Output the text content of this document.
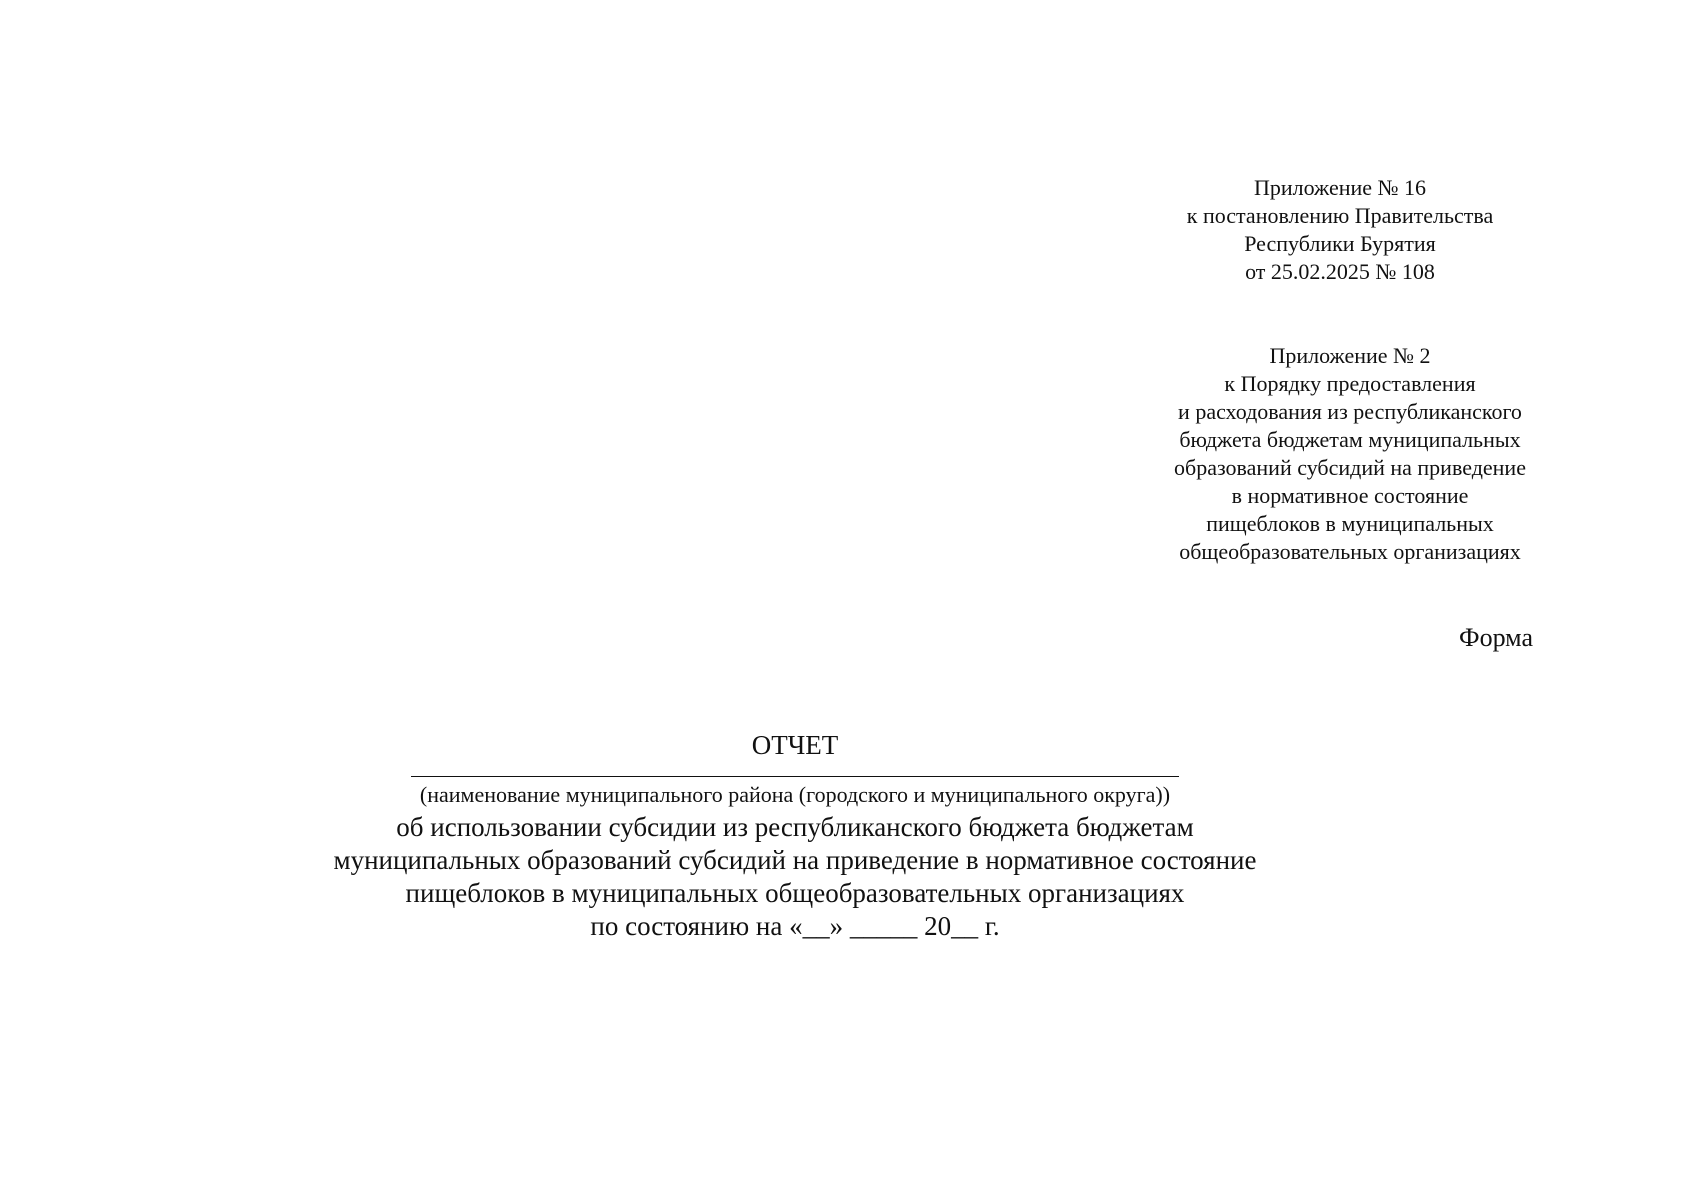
Приложение № 16
к постановлению Правительства
Республики Бурятия
от 25.02.2025 № 108
Приложение № 2
к Порядку предоставления
и расходования из республиканского
бюджета бюджетам муниципальных
образований субсидий на приведение
в нормативное состояние
пищеблоков в муниципальных
общеобразовательных организациях
Форма
ОТЧЕТ
(наименование муниципального района (городского и муниципального округа))
об использовании субсидии из республиканского бюджета бюджетам
муниципальных образований субсидий на приведение в нормативное состояние
пищеблоков в муниципальных общеобразовательных организациях
по состоянию на «__» _____ 20__ г.
